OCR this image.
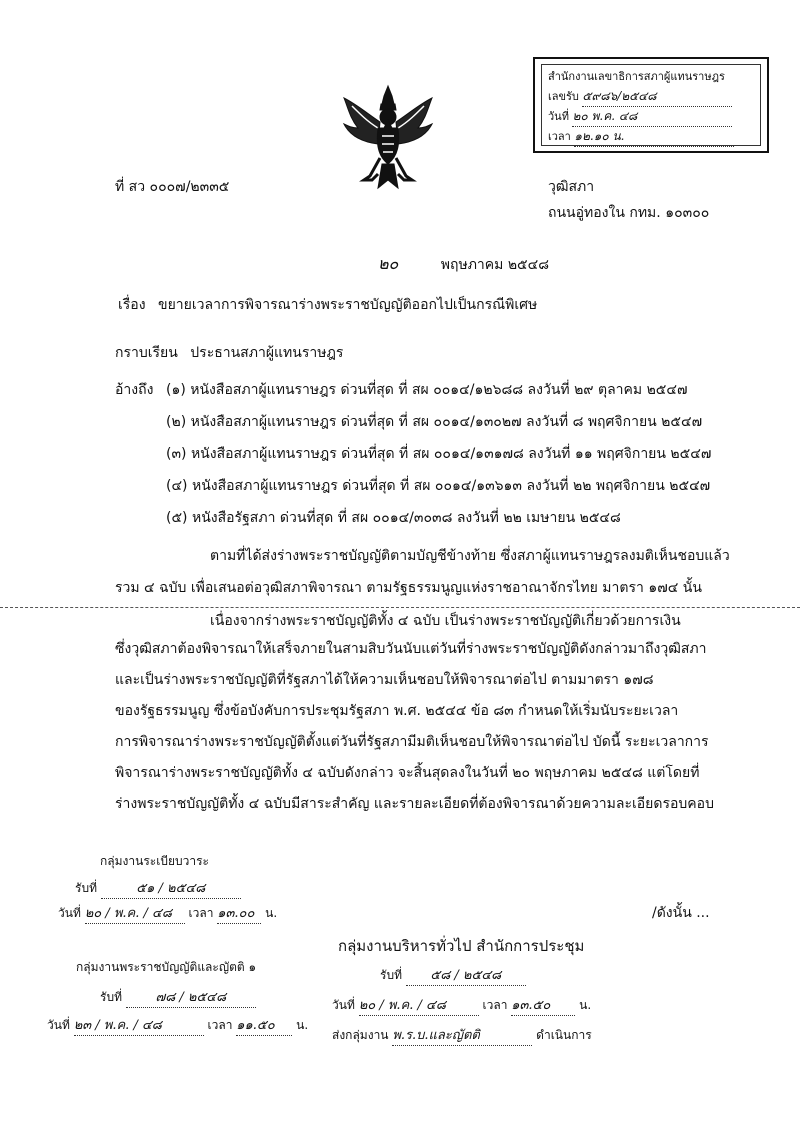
สำนักงานเลขาธิการสภาผู้แทนราษฎร
เลขรับ ๕๙๘๖/๒๕๔๘
วันที่ ๒๐ พ.ค. ๔๘
เวลา ๑๒.๑๐ น.
ที่ สว ๐๐๐๗/๒๓๓๕	วุฒิสภา
ถนนอู่ทองใน กทม. ๑๐๓๐๐
๒๐	พฤษภาคม ๒๕๔๘
เรื่อง ขยายเวลาการพิจารณาร่างพระราชบัญญัติออกไปเป็นกรณีพิเศษ
กราบเรียน ประธานสภาผู้แทนราษฎร
อ้างถึง (๑) หนังสือสภาผู้แทนราษฎร ด่วนที่สุด ที่ สผ ๐๐๑๔/๑๒๖๘๘ ลงวันที่ ๒๙ ตุลาคม ๒๕๔๗
(๒) หนังสือสภาผู้แทนราษฎร ด่วนที่สุด ที่ สผ ๐๐๑๔/๑๓๐๒๗ ลงวันที่ ๘ พฤศจิกายน ๒๕๔๗
(๓) หนังสือสภาผู้แทนราษฎร ด่วนที่สุด ที่ สผ ๐๐๑๔/๑๓๑๗๘ ลงวันที่ ๑๑ พฤศจิกายน ๒๕๔๗
(๔) หนังสือสภาผู้แทนราษฎร ด่วนที่สุด ที่ สผ ๐๐๑๔/๑๓๖๑๓ ลงวันที่ ๒๒ พฤศจิกายน ๒๕๔๗
(๕) หนังสือรัฐสภา ด่วนที่สุด ที่ สผ ๐๐๑๔/๓๐๓๘ ลงวันที่ ๒๒ เมษายน ๒๕๔๘
ตามที่ได้ส่งร่างพระราชบัญญัติตามบัญชีข้างท้าย ซึ่งสภาผู้แทนราษฎรลงมติเห็นชอบแล้ว
รวม ๔ ฉบับ เพื่อเสนอต่อวุฒิสภาพิจารณา ตามรัฐธรรมนูญแห่งราชอาณาจักรไทย มาตรา ๑๗๔ นั้น
เนื่องจากร่างพระราชบัญญัติทั้ง ๔ ฉบับ เป็นร่างพระราชบัญญัติเกี่ยวด้วยการเงิน
ซึ่งวุฒิสภาต้องพิจารณาให้เสร็จภายในสามสิบวันนับแต่วันที่ร่างพระราชบัญญัติดังกล่าวมาถึงวุฒิสภา
และเป็นร่างพระราชบัญญัติที่รัฐสภาได้ให้ความเห็นชอบให้พิจารณาต่อไป ตามมาตรา ๑๗๘
ของรัฐธรรมนูญ ซึ่งข้อบังคับการประชุมรัฐสภา พ.ศ. ๒๕๔๔ ข้อ ๘๓ กำหนดให้เริ่มนับระยะเวลา
การพิจารณาร่างพระราชบัญญัติตั้งแต่วันที่รัฐสภามีมติเห็นชอบให้พิจารณาต่อไป บัดนี้ ระยะเวลาการ
พิจารณาร่างพระราชบัญญัติทั้ง ๔ ฉบับดังกล่าว จะสิ้นสุดลงในวันที่ ๒๐ พฤษภาคม ๒๕๔๘ แต่โดยที่
ร่างพระราชบัญญัติทั้ง ๔ ฉบับมีสาระสำคัญ และรายละเอียดที่ต้องพิจารณาด้วยความละเอียดรอบคอบ
/ดังนั้น ...
กลุ่มงานระเบียบวาระ
รับที่	๕๑ / ๒๕๔๘
วันที่ ๒๐ / พ.ค. / ๔๘ เวลา ๑๓.๐๐ น.
กลุ่มงานพระราชบัญญัติและญัตติ ๑
รับที่	๗๘ / ๒๕๔๘
วันที่ ๒๓ / พ.ค. / ๔๘	เวลา ๑๑.๕๐ น.
กลุ่มงานบริหารทั่วไป สำนักการประชุม
รับที่ ๕๘ / ๒๕๔๘
วันที่ ๒๐ / พ.ค. / ๔๘	เวลา ๑๓.๕๐ น.
ส่งกลุ่มงาน พ.ร.บ.และญัตติ	ดำเนินการ
